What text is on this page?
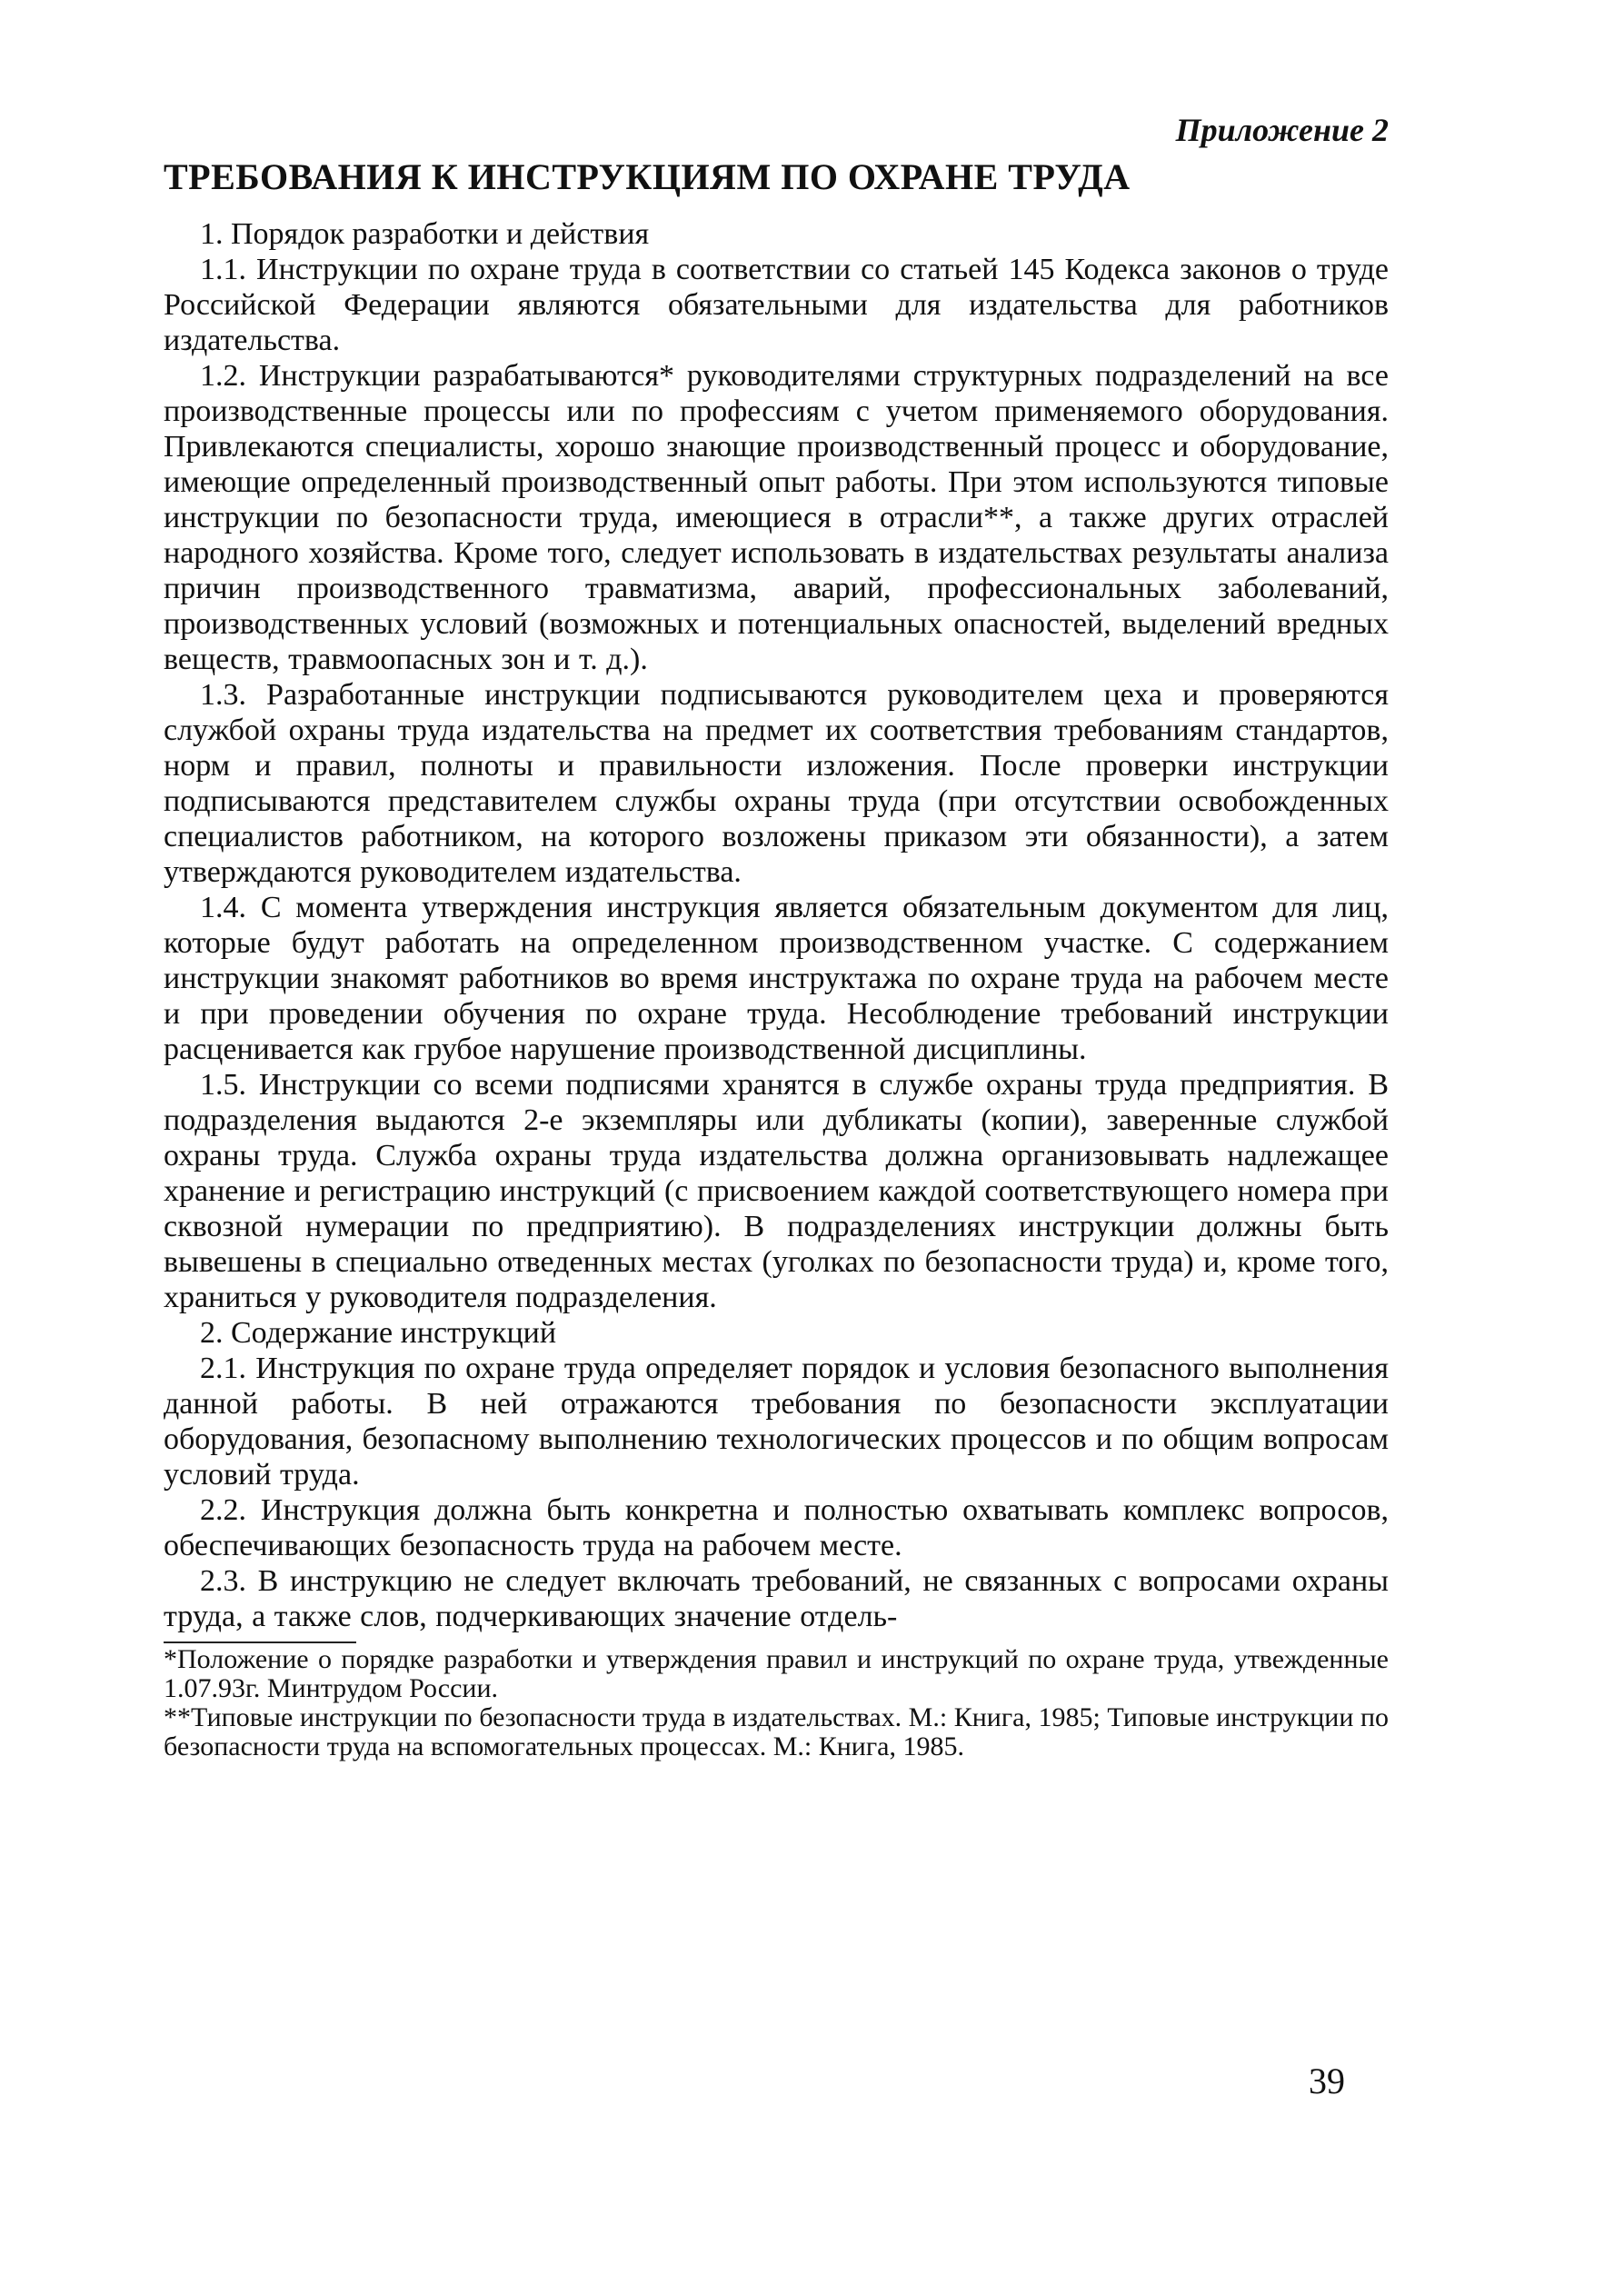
Приложение 2

ТРЕБОВАНИЯ К ИНСТРУКЦИЯМ ПО ОХРАНЕ ТРУДА

1. Порядок разработки и действия

1.1. Инструкции по охране труда в соответствии со статьей 145 Кодекса законов о труде Российской Федерации являются обязательными для издательства для работников издательства.

1.2. Инструкции разрабатываются* руководителями структурных подразделений на все производственные процессы или по профессиям с учетом применяемого оборудования. Привлекаются специалисты, хорошо знающие производственный процесс и оборудование, имеющие определенный производственный опыт работы. При этом используются типовые инструкции по безопасности труда, имеющиеся в отрасли**, а также других отраслей народного хозяйства. Кроме того, следует использовать в издательствах результаты анализа причин производственного травматизма, аварий, профессиональных заболеваний, производственных условий (возможных и потенциальных опасностей, выделений вредных веществ, травмоопасных зон и т. д.).

1.3. Разработанные инструкции подписываются руководителем цеха и проверяются службой охраны труда издательства на предмет их соответствия требованиям стандартов, норм и правил, полноты и правильности изложения. После проверки инструкции подписываются представителем службы охраны труда (при отсутствии освобожденных специалистов работником, на которого возложены приказом эти обязанности), а затем утверждаются руководителем издательства.

1.4. С момента утверждения инструкция является обязательным документом для лиц, которые будут работать на определенном производственном участке. С содержанием инструкции знакомят работников во время инструктажа по охране труда на рабочем месте и при проведении обучения по охране труда. Несоблюдение требований инструкции расценивается как грубое нарушение производственной дисциплины.

1.5. Инструкции со всеми подписями хранятся в службе охраны труда предприятия. В подразделения выдаются 2-е экземпляры или дубликаты (копии), заверенные службой охраны труда. Служба охраны труда издательства должна организовывать надлежащее хранение и регистрацию инструкций (с присвоением каждой соответствующего номера при сквозной нумерации по предприятию). В подразделениях инструкции должны быть вывешены в специально отведенных местах (уголках по безопасности труда) и, кроме того, храниться у руководителя подразделения.

2. Содержание инструкций

2.1. Инструкция по охране труда определяет порядок и условия безопасного выполнения данной работы. В ней отражаются требования по безопасности эксплуатации оборудования, безопасному выполнению технологических процессов и по общим вопросам условий труда.

2.2. Инструкция должна быть конкретна и полностью охватывать комплекс вопросов, обеспечивающих безопасность труда на рабочем месте.

2.3. В инструкцию не следует включать требований, не связанных с вопросами охраны труда, а также слов, подчеркивающих значение отдель-

*Положение о порядке разработки и утверждения правил и инструкций по охране труда, утвежденные 1.07.93г. Минтрудом России.

**Типовые инструкции по безопасности труда в издательствах. М.: Книга, 1985; Типовые инструкции по безопасности труда на вспомогательных процессах. М.: Книга, 1985.

39
